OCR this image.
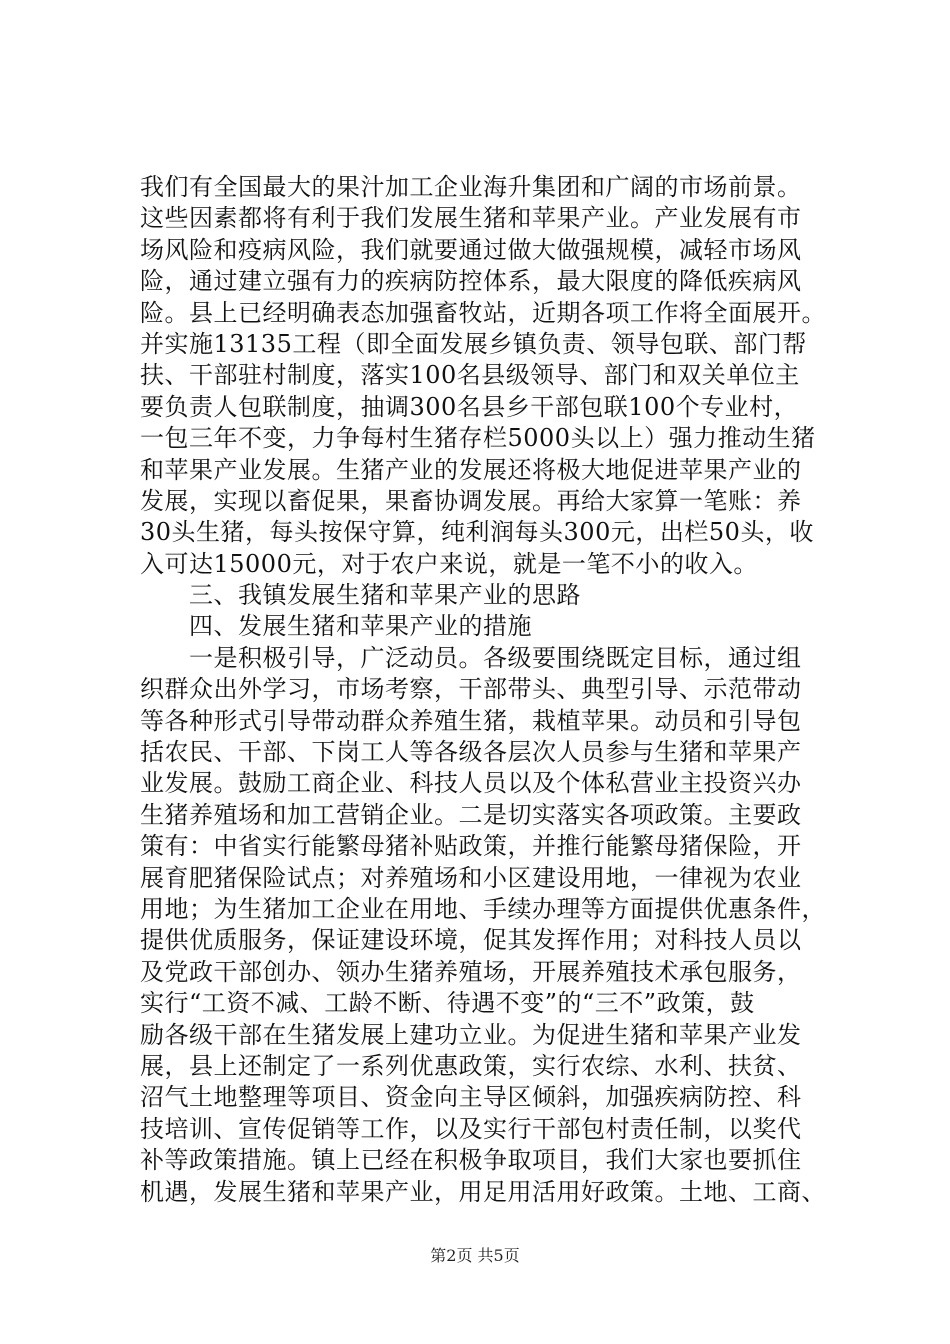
我们有全国最大的果汁加工企业海升集团和广阔的市场前景。
这些因素都将有利于我们发展生猪和苹果产业。产业发展有市
场风险和疫病风险，我们就要通过做大做强规模，减轻市场风
险，通过建立强有力的疾病防控体系，最大限度的降低疾病风
险。县上已经明确表态加强畜牧站，近期各项工作将全面展开。
并实施13135工程（即全面发展乡镇负责、领导包联、部门帮
扶、干部驻村制度，落实100名县级领导、部门和双关单位主
要负责人包联制度，抽调300名县乡干部包联100个专业村，
一包三年不变，力争每村生猪存栏5000头以上）强力推动生猪
和苹果产业发展。生猪产业的发展还将极大地促进苹果产业的
发展，实现以畜促果，果畜协调发展。再给大家算一笔账：养
30头生猪，每头按保守算，纯利润每头300元，出栏50头，收
入可达15000元，对于农户来说，就是一笔不小的收入。
　　三、我镇发展生猪和苹果产业的思路
　　四、发展生猪和苹果产业的措施
　　一是积极引导，广泛动员。各级要围绕既定目标，通过组
织群众出外学习，市场考察，干部带头、典型引导、示范带动
等各种形式引导带动群众养殖生猪，栽植苹果。动员和引导包
括农民、干部、下岗工人等各级各层次人员参与生猪和苹果产
业发展。鼓励工商企业、科技人员以及个体私营业主投资兴办
生猪养殖场和加工营销企业。二是切实落实各项政策。主要政
策有：中省实行能繁母猪补贴政策，并推行能繁母猪保险，开
展育肥猪保险试点；对养殖场和小区建设用地，一律视为农业
用地；为生猪加工企业在用地、手续办理等方面提供优惠条件，
提供优质服务，保证建设环境，促其发挥作用；对科技人员以
及党政干部创办、领办生猪养殖场，开展养殖技术承包服务，
实行“工资不减、工龄不断、待遇不变”的“三不”政策，鼓
励各级干部在生猪发展上建功立业。为促进生猪和苹果产业发
展，县上还制定了一系列优惠政策，实行农综、水利、扶贫、
沼气土地整理等项目、资金向主导区倾斜，加强疾病防控、科
技培训、宣传促销等工作，以及实行干部包村责任制，以奖代
补等政策措施。镇上已经在积极争取项目，我们大家也要抓住
机遇，发展生猪和苹果产业，用足用活用好政策。土地、工商、
第2页 共5页
